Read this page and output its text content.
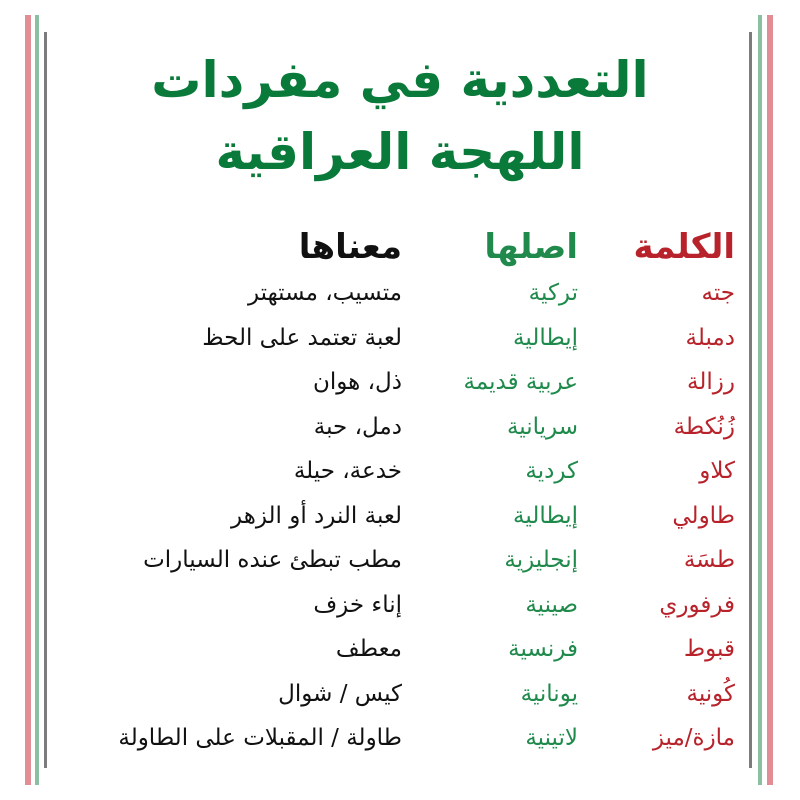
التعددية في مفردات
اللهجة العراقية
الكلمة
اصلها
معناها
جته
تركية
متسيب، مستهتر
دمبلة
إيطالية
لعبة تعتمد على الحظ
رزالة
عربية قديمة
ذل، هوان
زُنُكطة
سريانية
دمل، حبة
كلاو
كردية
خدعة، حيلة
طاولي
إيطالية
لعبة النرد أو الزهر
طسَة
إنجليزية
مطب تبطئ عنده السيارات
فرفوري
صينية
إناء خزف
قبوط
فرنسية
معطف
كُونية
يونانية
كيس / شوال
مازة/ميز
لاتينية
طاولة / المقبلات على الطاولة
